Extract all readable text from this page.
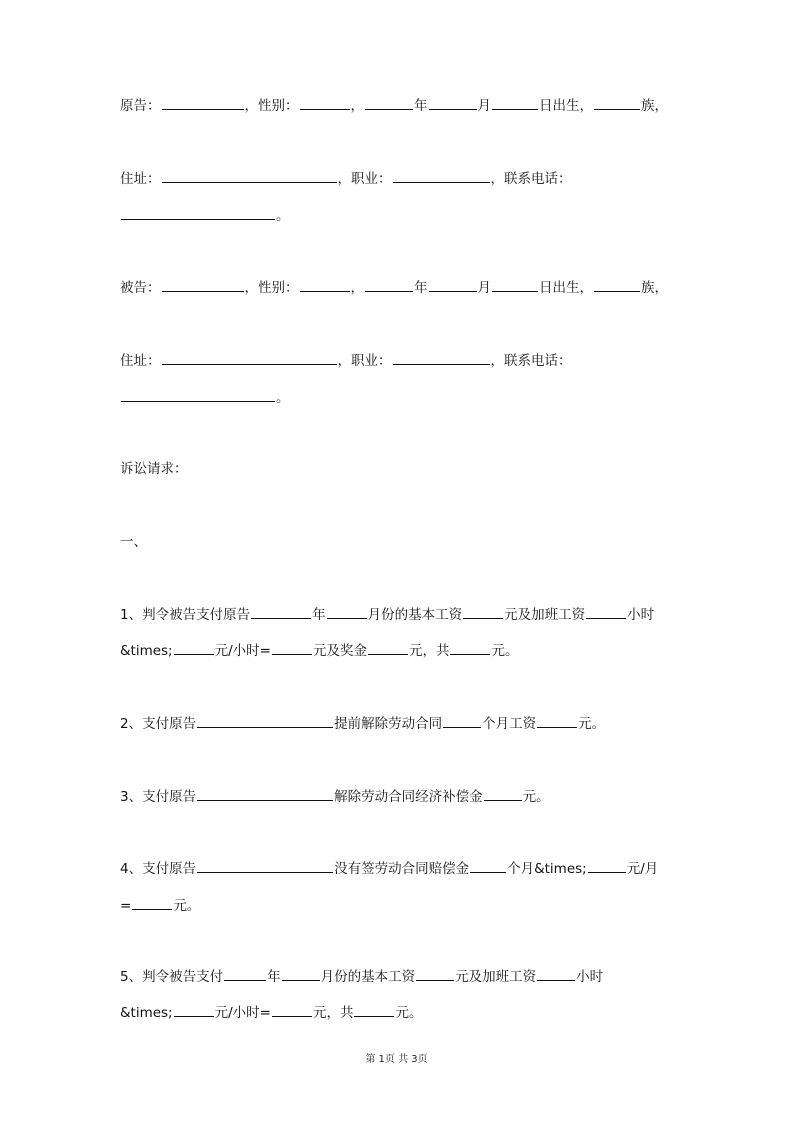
原告：	，性别：	，	年	月	日出生，	族，
住址：	，职业：	，联系电话：
。
被告：	，性别：	，	年	月	日出生，	族，
住址：	，职业：	，联系电话：
。
诉讼请求：
一、
1、判令被告支付原告	年	月份的基本工资	元及加班工资	小时
&times;	元/小时=	元及奖金	元，共	元。
2、支付原告	提前解除劳动合同	个月工资	元。
3、支付原告	解除劳动合同经济补偿金	元。
4、支付原告	没有签劳动合同赔偿金	个月&times;	元/月
=	元。
5、判令被告支付	年	月份的基本工资	元及加班工资	小时
&times;	元/小时=	元，共	元。
第 1页 共 3页
